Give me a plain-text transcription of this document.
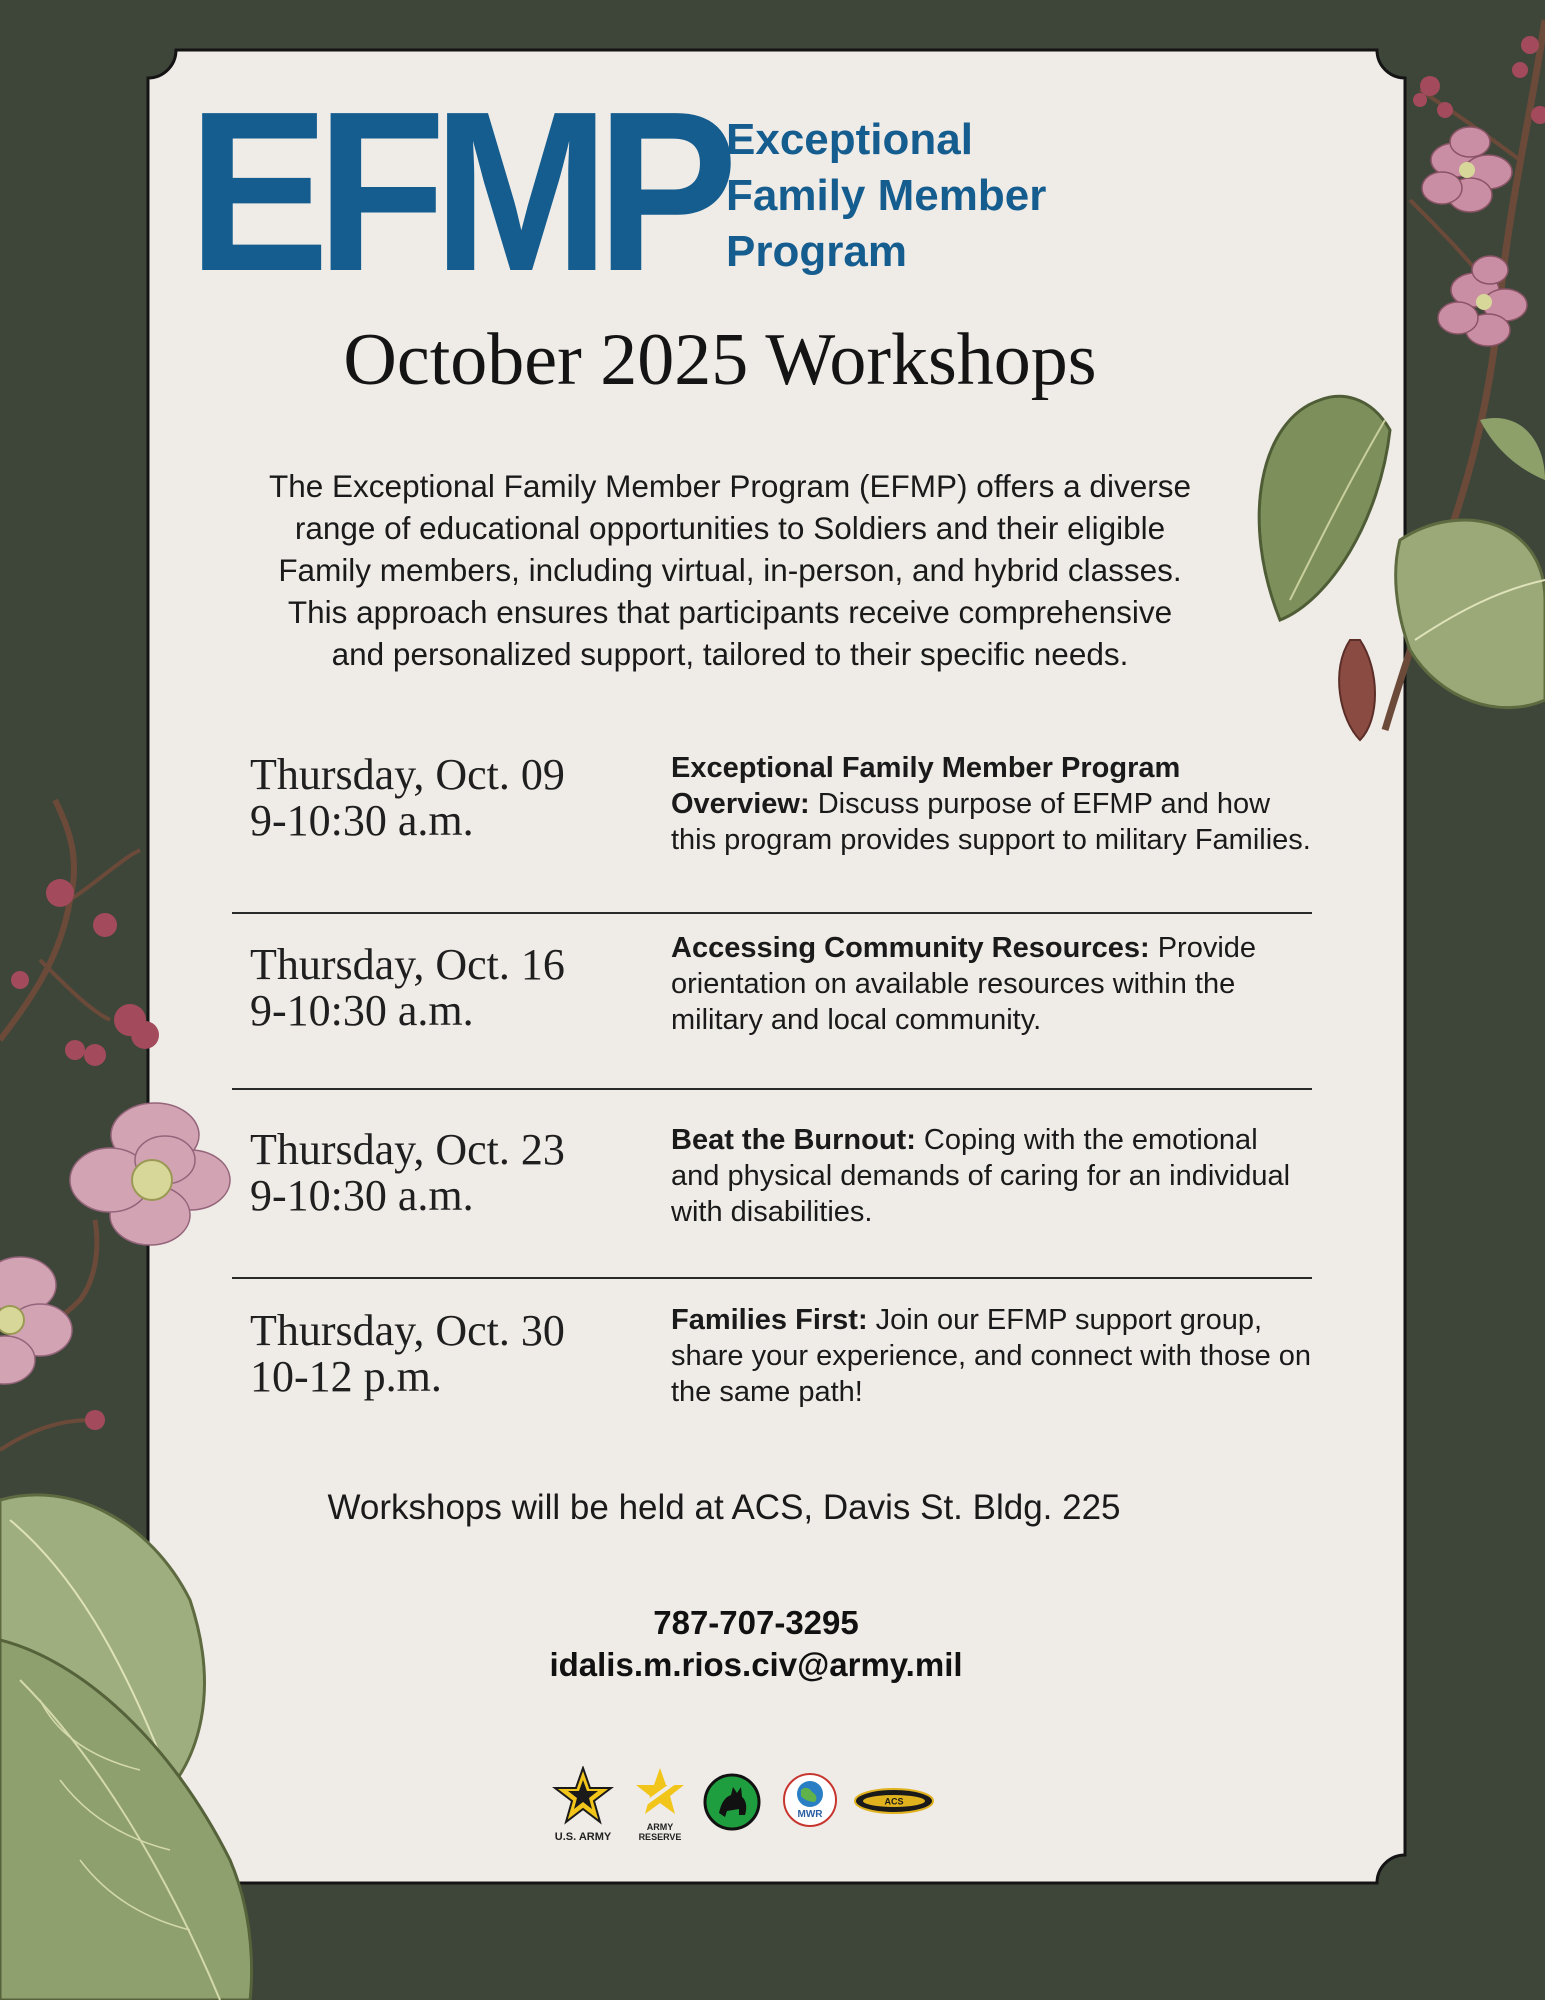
EFMP Exceptional
Family Member
Program
October 2025 Workshops
The Exceptional Family Member Program (EFMP) offers a diverse
range of educational opportunities to Soldiers and their eligible
Family members, including virtual, in-person, and hybrid classes.
This approach ensures that participants receive comprehensive
and personalized support, tailored to their specific needs.
Thursday, Oct. 09
9-10:30 a.m.
Exceptional Family Member Program Overview: Discuss purpose of EFMP and how this program provides support to military Families.
Thursday, Oct. 16
9-10:30 a.m.
Accessing Community Resources: Provide orientation on available resources within the military and local community.
Thursday, Oct. 23
9-10:30 a.m.
Beat the Burnout: Coping with the emotional and physical demands of caring for an individual with disabilities.
Thursday, Oct. 30
10-12 p.m.
Families First: Join our EFMP support group, share your experience, and connect with those on the same path!
Workshops will be held at ACS, Davis St. Bldg. 225
787-707-3295
idalis.m.rios.civ@army.mil
U.S. ARMY
ARMY
RESERVE
MWR
ACS
